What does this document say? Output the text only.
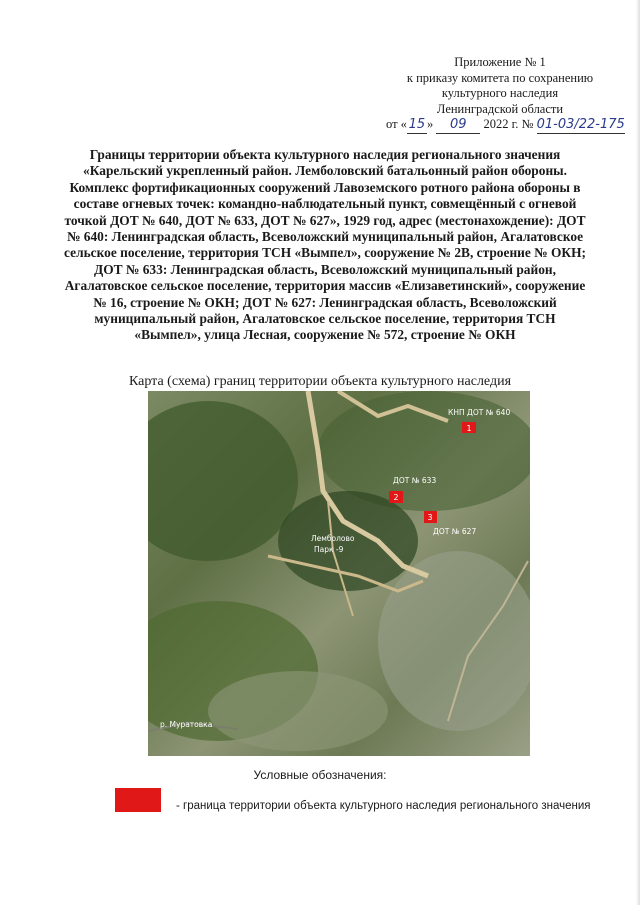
Приложение № 1
к приказу комитета по сохранению
культурного наследия
Ленинградской области
от « 15 » 09 2022 г. № 01-03/22-175
Границы территории объекта культурного наследия регионального значения «Карельский укрепленный район. Лемболовский батальонный район обороны. Комплекс фортификационных сооружений Лавоземского ротного района обороны в составе огневых точек: командно-наблюдательный пункт, совмещённый с огневой точкой ДОТ № 640, ДОТ № 633, ДОТ № 627», 1929 год, адрес (местонахождение): ДОТ № 640: Ленинградская область, Всеволожский муниципальный район, Агалатовское сельское поселение, территория ТСН «Вымпел», сооружение № 2В, строение № ОКН; ДОТ № 633: Ленинградская область, Всеволожский муниципальный район, Агалатовское сельское поселение, территория массив «Елизаветинский», сооружение № 16, строение № ОКН; ДОТ № 627: Ленинградская область, Всеволожский муниципальный район, Агалатовское сельское поселение, территория ТСН «Вымпел», улица Лесная, сооружение № 572, строение № ОКН
Карта (схема) границ территории объекта культурного наследия
1
2
3
КНП ДОТ № 640
ДОТ № 633
ДОТ № 627
Лемболово
Парк -9
р. Муратовка
Условные обозначения:
- граница территории объекта культурного наследия регионального значения
